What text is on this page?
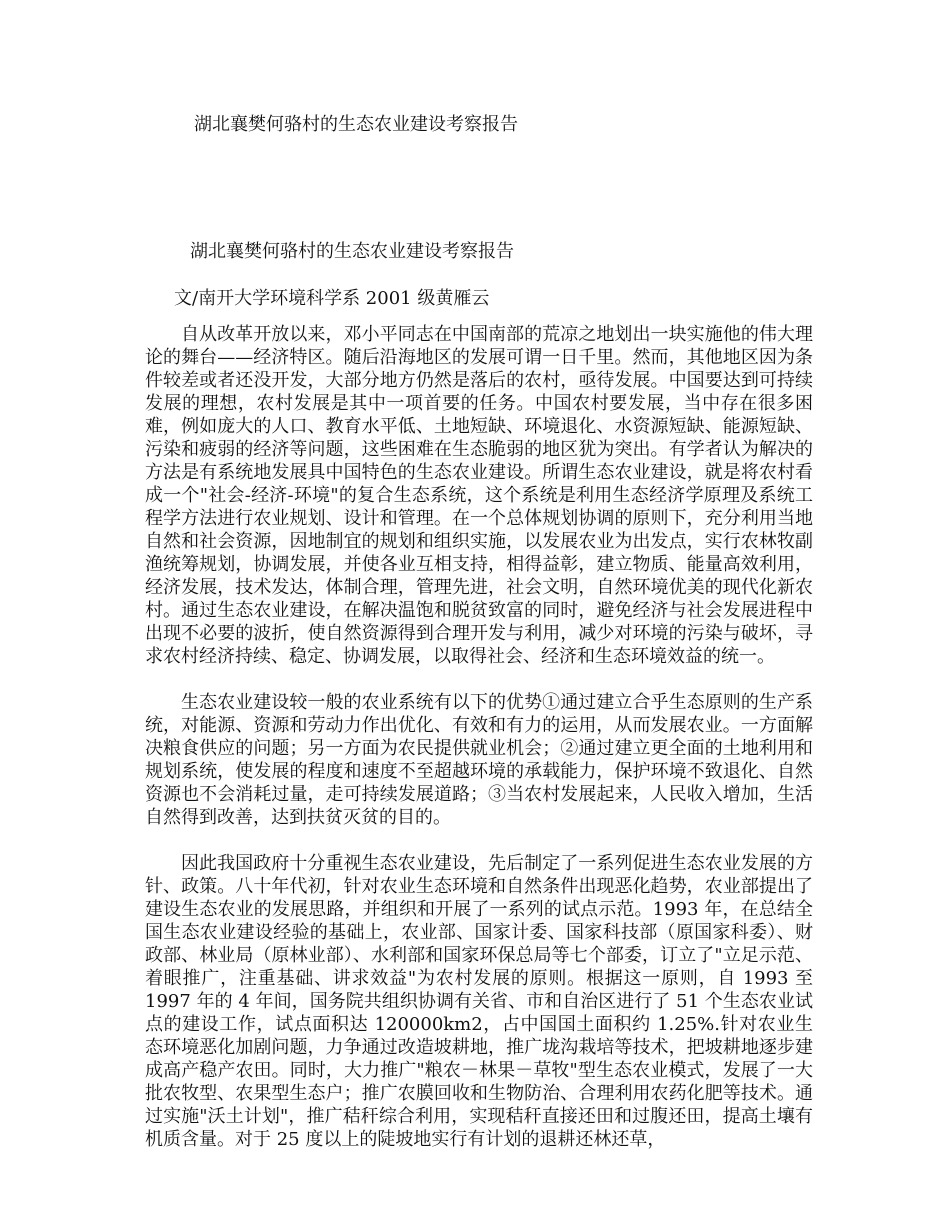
湖北襄樊何骆村的生态农业建设考察报告
湖北襄樊何骆村的生态农业建设考察报告
文/南开大学环境科学系 2001 级黄雁云

自从改革开放以来，邓小平同志在中国南部的荒凉之地划出一块实施他的伟大理论的舞台——经济特区。随后沿海地区的发展可谓一日千里。然而，其他地区因为条件较差或者还没开发，大部分地方仍然是落后的农村，亟待发展。中国要达到可持续发展的理想，农村发展是其中一项首要的任务。中国农村要发展，当中存在很多困难，例如庞大的人口、教育水平低、土地短缺、环境退化、水资源短缺、能源短缺、污染和疲弱的经济等问题，这些困难在生态脆弱的地区犹为突出。有学者认为解决的方法是有系统地发展具中国特色的生态农业建设。所谓生态农业建设，就是将农村看成一个"社会-经济-环境"的复合生态系统，这个系统是利用生态经济学原理及系统工程学方法进行农业规划、设计和管理。在一个总体规划协调的原则下，充分利用当地自然和社会资源，因地制宜的规划和组织实施，以发展农业为出发点，实行农林牧副渔统筹规划，协调发展，并使各业互相支持，相得益彰，建立物质、能量高效利用，经济发展，技术发达，体制合理，管理先进，社会文明，自然环境优美的现代化新农村。通过生态农业建设，在解决温饱和脱贫致富的同时，避免经济与社会发展进程中出现不必要的波折，使自然资源得到合理开发与利用，减少对环境的污染与破坏，寻求农村经济持续、稳定、协调发展，以取得社会、经济和生态环境效益的统一。

生态农业建设较一般的农业系统有以下的优势①通过建立合乎生态原则的生产系统，对能源、资源和劳动力作出优化、有效和有力的运用，从而发展农业。一方面解决粮食供应的问题；另一方面为农民提供就业机会；②通过建立更全面的土地利用和规划系统，使发展的程度和速度不至超越环境的承载能力，保护环境不致退化、自然资源也不会消耗过量，走可持续发展道路；③当农村发展起来，人民收入增加，生活自然得到改善，达到扶贫灭贫的目的。

因此我国政府十分重视生态农业建设，先后制定了一系列促进生态农业发展的方针、政策。八十年代初，针对农业生态环境和自然条件出现恶化趋势，农业部提出了建设生态农业的发展思路，并组织和开展了一系列的试点示范。1993 年，在总结全国生态农业建设经验的基础上，农业部、国家计委、国家科技部（原国家科委）、财政部、林业局（原林业部）、水利部和国家环保总局等七个部委，订立了"立足示范、着眼推广，注重基础、讲求效益"为农村发展的原则。根据这一原则，自 1993 至 1997 年的 4 年间，国务院共组织协调有关省、市和自治区进行了 51 个生态农业试点的建设工作，试点面积达 120000km2，占中国国土面积约 1.25%.针对农业生态环境恶化加剧问题，力争通过改造坡耕地，推广垅沟栽培等技术，把坡耕地逐步建成高产稳产农田。同时，大力推广"粮农－林果－草牧"型生态农业模式，发展了一大批农牧型、农果型生态户；推广农膜回收和生物防治、合理利用农药化肥等技术。通过实施"沃土计划"，推广秸秆综合利用，实现秸秆直接还田和过腹还田，提高土壤有机质含量。对于 25 度以上的陡坡地实行有计划的退耕还林还草，
